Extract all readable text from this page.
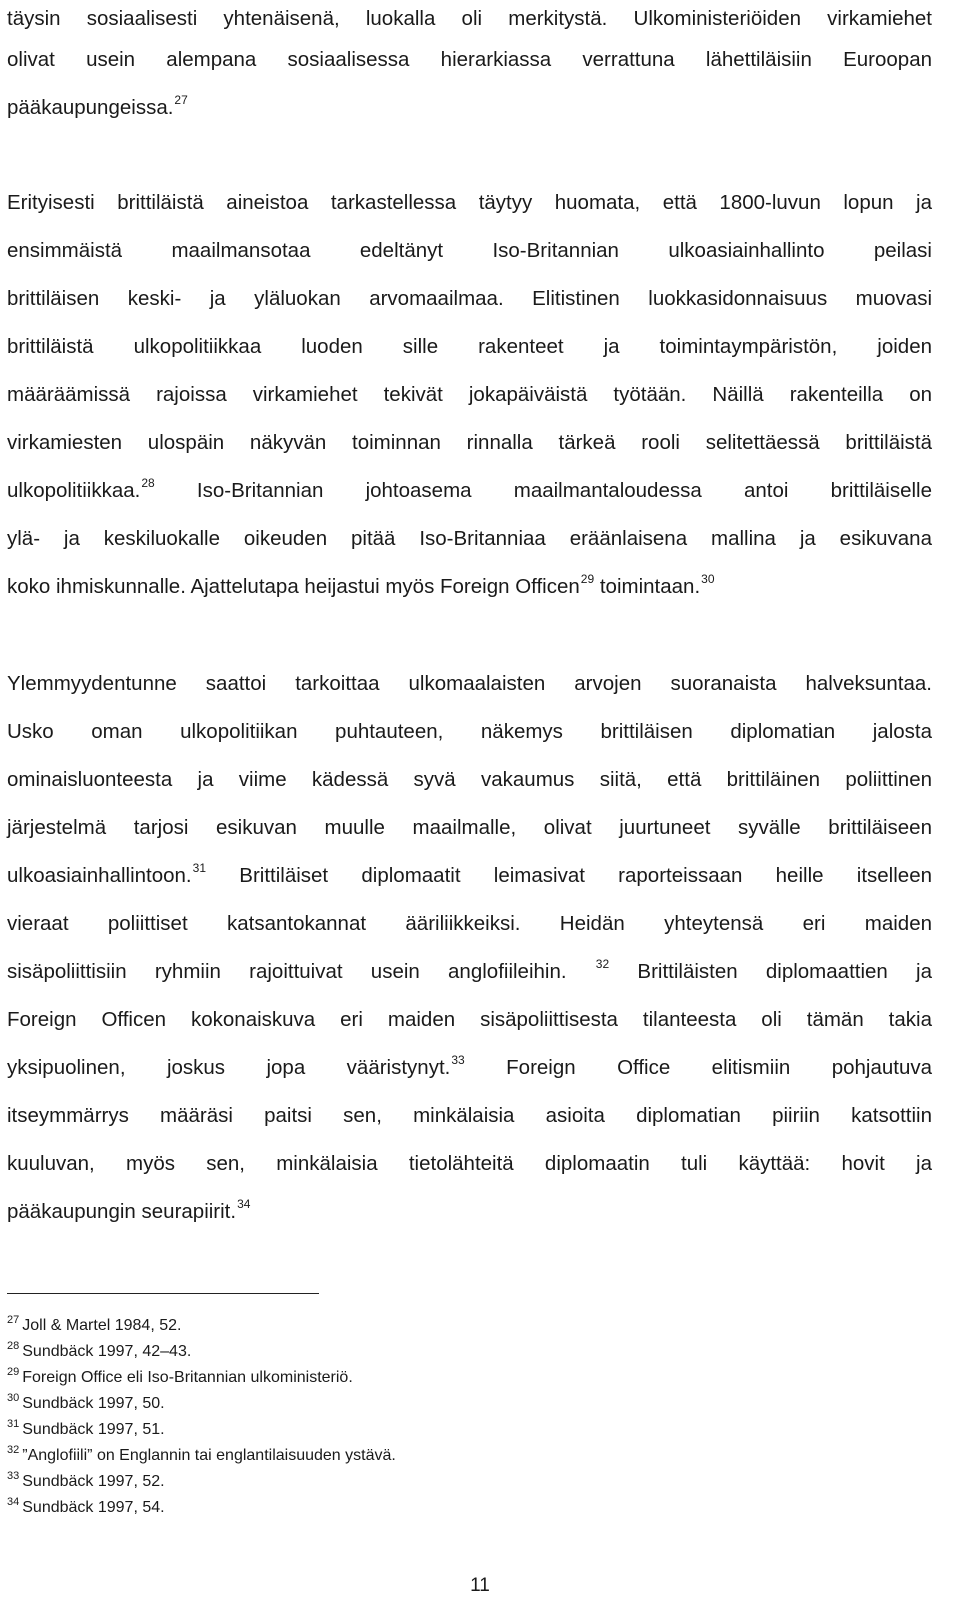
täysin sosiaalisesti yhtenäisenä, luokalla oli merkitystä. Ulkoministeriöiden virkamiehet
olivat usein alempana sosiaalisessa hierarkiassa verrattuna lähettiläisiin Euroopan
pääkaupungeissa.$^{27}$
Erityisesti brittiläistä aineistoa tarkastellessa täytyy huomata, että 1800-luvun lopun ja
ensimmäistä maailmansotaa edeltänyt Iso-Britannian ulkoasiainhallinto peilasi
brittiläisen keski- ja yläluokan arvomaailmaa. Elitistinen luokkasidonnaisuus muovasi
brittiläistä ulkopolitiikkaa luoden sille rakenteet ja toimintaympäristön, joiden
määräämissä rajoissa virkamiehet tekivät jokapäiväistä työtään. Näillä rakenteilla on
virkamiesten ulospäin näkyvän toiminnan rinnalla tärkeä rooli selitettäessä brittiläistä
ulkopolitiikkaa.$^{28}$ Iso-Britannian johtoasema maailmantaloudessa antoi brittiläiselle
ylä- ja keskiluokalle oikeuden pitää Iso-Britanniaa eräänlaisena mallina ja esikuvana
koko ihmiskunnalle. Ajattelutapa heijastui myös Foreign Officen$^{29}$ toimintaan.$^{30}$
Ylemmyydentunne saattoi tarkoittaa ulkomaalaisten arvojen suoranaista halveksuntaa.
Usko oman ulkopolitiikan puhtauteen, näkemys brittiläisen diplomatian jalosta
ominaisluonteesta ja viime kädessä syvä vakaumus siitä, että brittiläinen poliittinen
järjestelmä tarjosi esikuvan muulle maailmalle, olivat juurtuneet syvälle brittiläiseen
ulkoasiainhallintoon.$^{31}$ Brittiläiset diplomaatit leimasivat raporteissaan heille itselleen
vieraat poliittiset katsantokannat ääriliikkeiksi. Heidän yhteytensä eri maiden
sisäpoliittisiin ryhmiin rajoittuivat usein anglofiileihin. $^{32}$ Brittiläisten diplomaattien ja
Foreign Officen kokonaiskuva eri maiden sisäpoliittisesta tilanteesta oli tämän takia
yksipuolinen, joskus jopa vääristynyt.$^{33}$ Foreign Office elitismiin pohjautuva
itseymmärrys määräsi paitsi sen, minkälaisia asioita diplomatian piiriin katsottiin
kuuluvan, myös sen, minkälaisia tietolähteitä diplomaatin tuli käyttää: hovit ja
pääkaupungin seurapiirit.$^{34}$
$^{27}$ Joll & Martel 1984, 52.
$^{28}$ Sundbäck 1997, 42–43.
$^{29}$ Foreign Office eli Iso-Britannian ulkoministeriö.
$^{30}$ Sundbäck 1997, 50.
$^{31}$ Sundbäck 1997, 51.
$^{32}$ ”Anglofiili” on Englannin tai englantilaisuuden ystävä.
$^{33}$ Sundbäck 1997, 52.
$^{34}$ Sundbäck 1997, 54.
11
